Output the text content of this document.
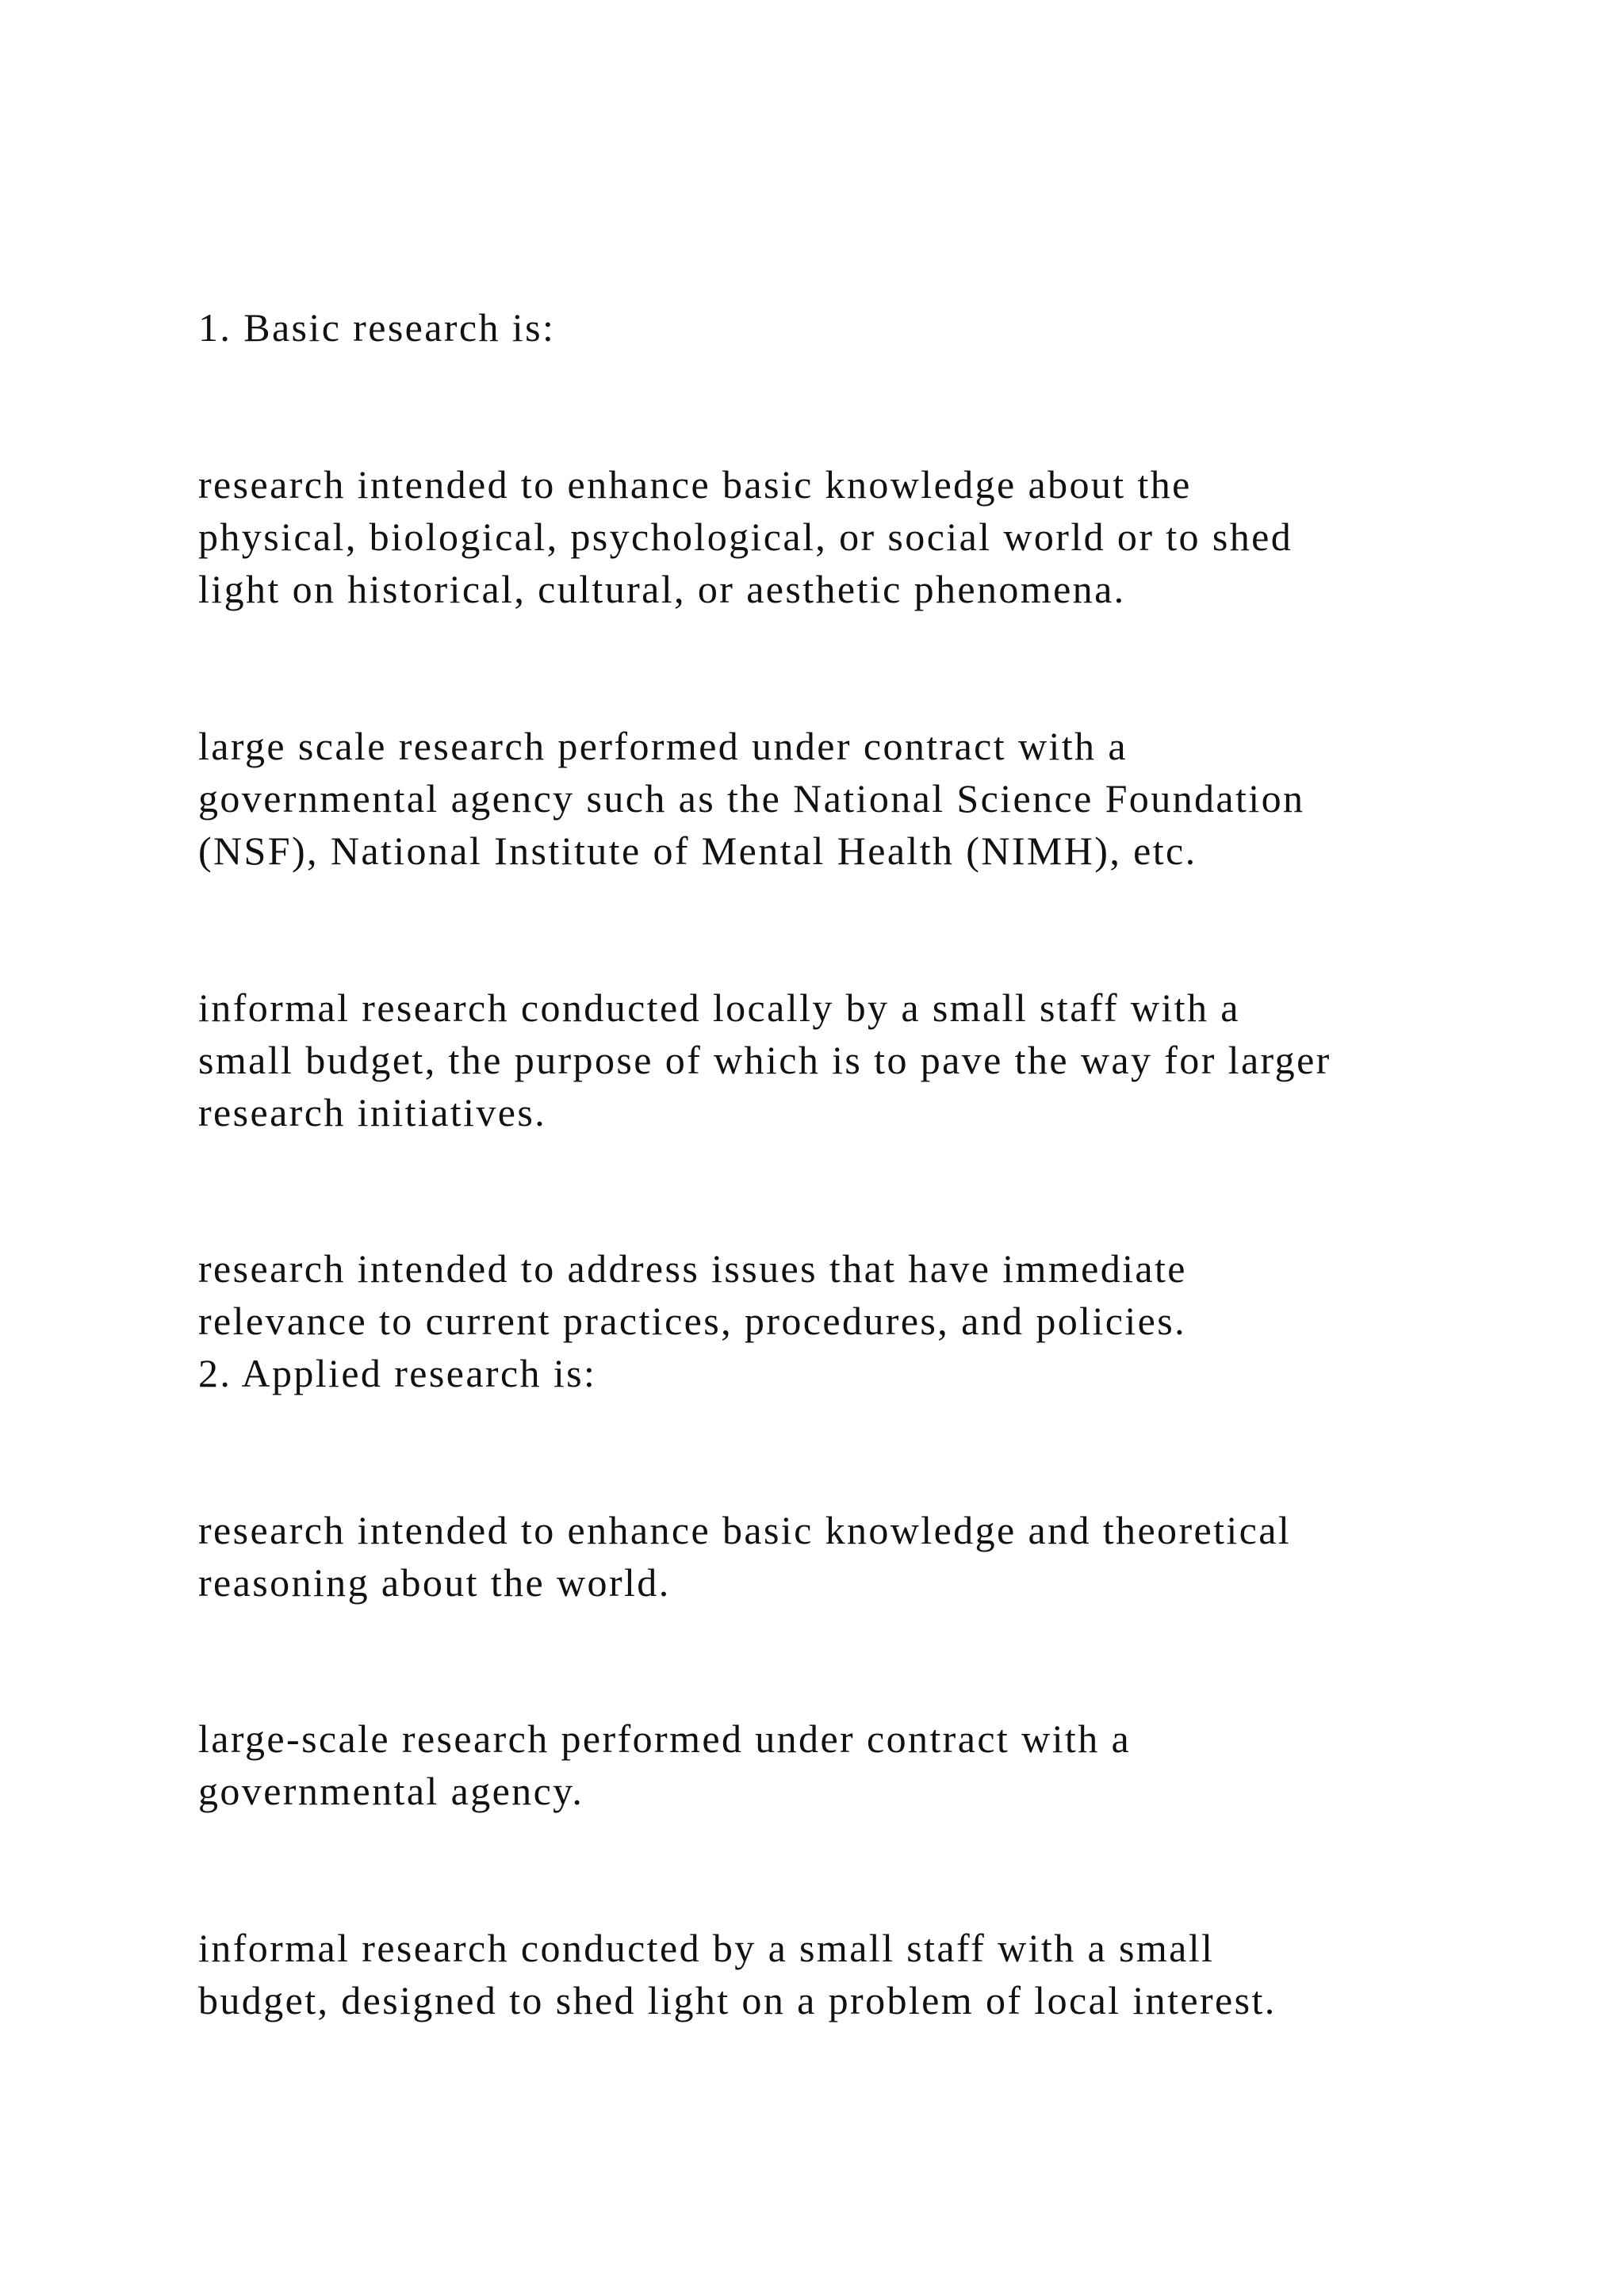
1. Basic research is:

research intended to enhance basic knowledge about the

physical, biological, psychological, or social world or to shed

light on historical, cultural, or aesthetic phenomena.

large scale research performed under contract with a

governmental agency such as the National Science Foundation

(NSF), National Institute of Mental Health (NIMH), etc.

informal research conducted locally by a small staff with a

small budget, the purpose of which is to pave the way for larger

research initiatives.

research intended to address issues that have immediate

relevance to current practices, procedures, and policies.

2. Applied research is:

research intended to enhance basic knowledge and theoretical

reasoning about the world.

large-scale research performed under contract with a

governmental agency.

informal research conducted by a small staff with a small

budget, designed to shed light on a problem of local interest.
